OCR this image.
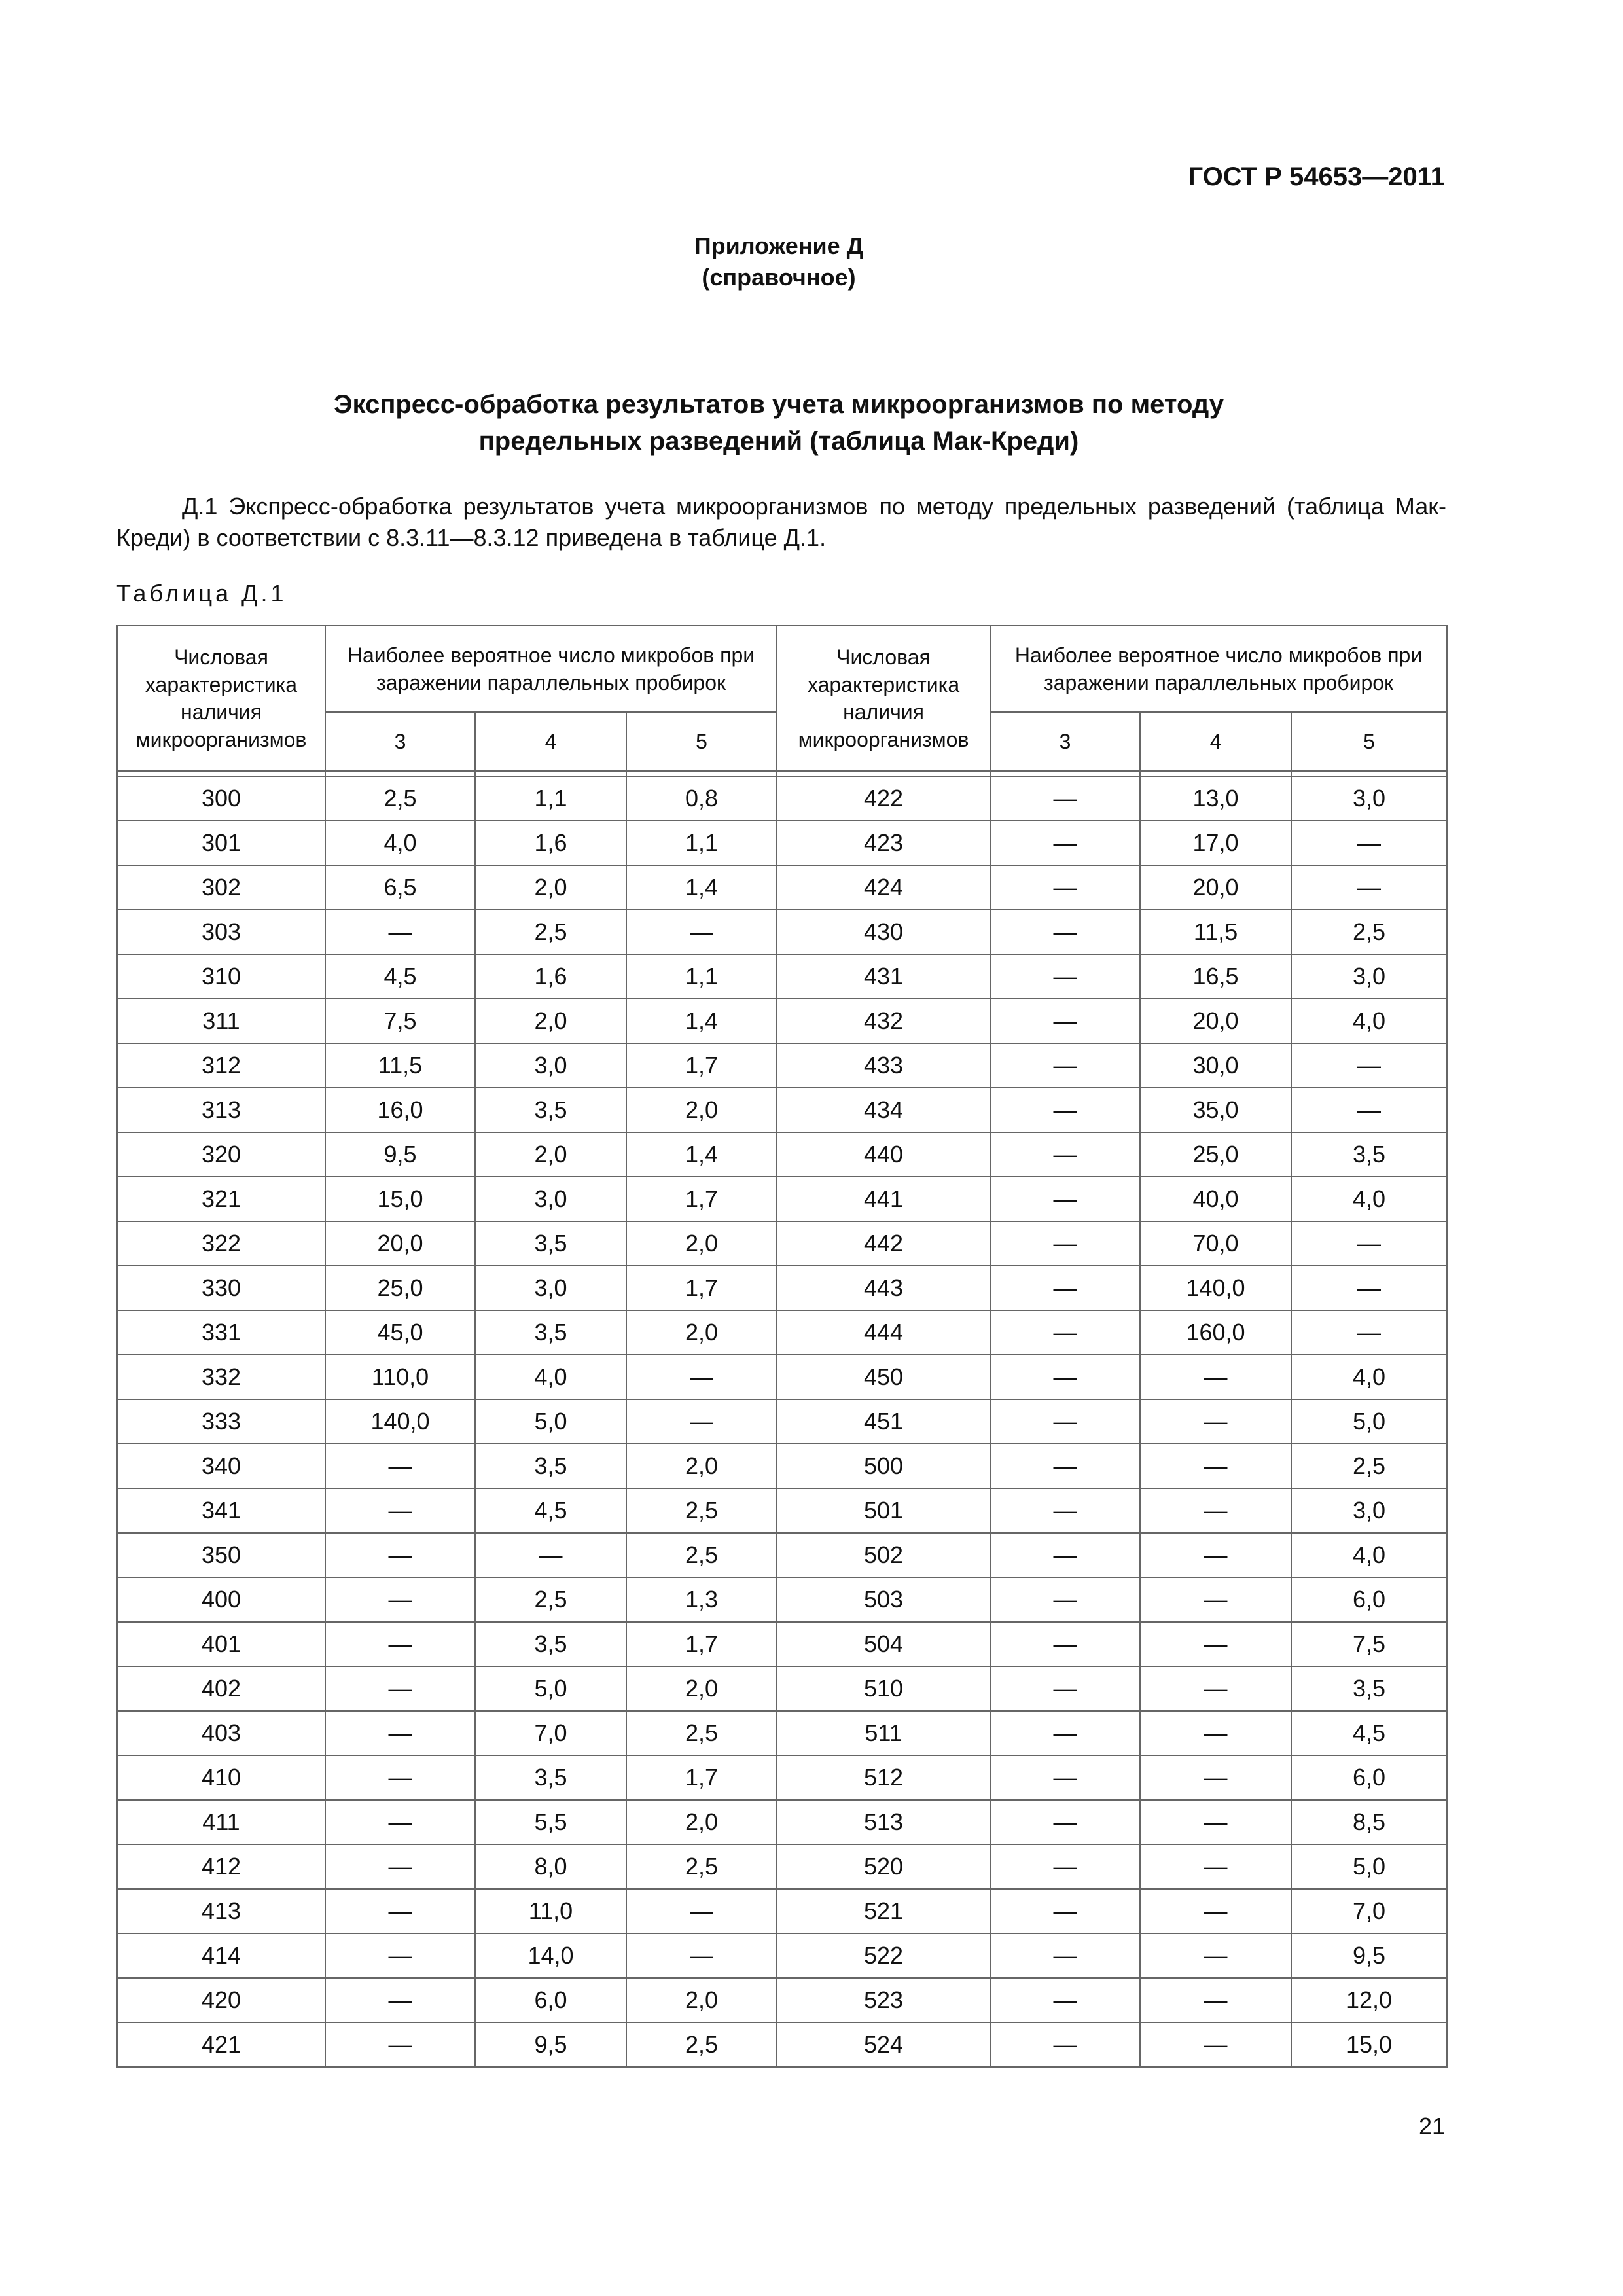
ГОСТ Р 54653—2011
Приложение Д
(справочное)
Экспресс-обработка результатов учета микроорганизмов по методу
предельных разведений (таблица Мак-Креди)
Д.1 Экспресс-обработка результатов учета микроорганизмов по методу предельных разведений (таблица Мак-Креди) в соответствии с 8.3.11—8.3.12 приведена в таблице Д.1.
Таблица Д.1
Числовая характеристика наличия микроорганизмов	Наиболее вероятное число микробов при заражении параллельных пробирок			Числовая характеристика наличия микроорганизмов	Наиболее вероятное число микробов при заражении параллельных пробирок		
	3	4	5		3	4	5

300	2,5	1,1	0,8	422	—	13,0	3,0
301	4,0	1,6	1,1	423	—	17,0	—
302	6,5	2,0	1,4	424	—	20,0	—
303	—	2,5	—	430	—	11,5	2,5
310	4,5	1,6	1,1	431	—	16,5	3,0
311	7,5	2,0	1,4	432	—	20,0	4,0
312	11,5	3,0	1,7	433	—	30,0	—
313	16,0	3,5	2,0	434	—	35,0	—
320	9,5	2,0	1,4	440	—	25,0	3,5
321	15,0	3,0	1,7	441	—	40,0	4,0
322	20,0	3,5	2,0	442	—	70,0	—
330	25,0	3,0	1,7	443	—	140,0	—
331	45,0	3,5	2,0	444	—	160,0	—
332	110,0	4,0	—	450	—	—	4,0
333	140,0	5,0	—	451	—	—	5,0
340	—	3,5	2,0	500	—	—	2,5
341	—	4,5	2,5	501	—	—	3,0
350	—	—	2,5	502	—	—	4,0
400	—	2,5	1,3	503	—	—	6,0
401	—	3,5	1,7	504	—	—	7,5
402	—	5,0	2,0	510	—	—	3,5
403	—	7,0	2,5	511	—	—	4,5
410	—	3,5	1,7	512	—	—	6,0
411	—	5,5	2,0	513	—	—	8,5
412	—	8,0	2,5	520	—	—	5,0
413	—	11,0	—	521	—	—	7,0
414	—	14,0	—	522	—	—	9,5
420	—	6,0	2,0	523	—	—	12,0
421	—	9,5	2,5	524	—	—	15,0
21
